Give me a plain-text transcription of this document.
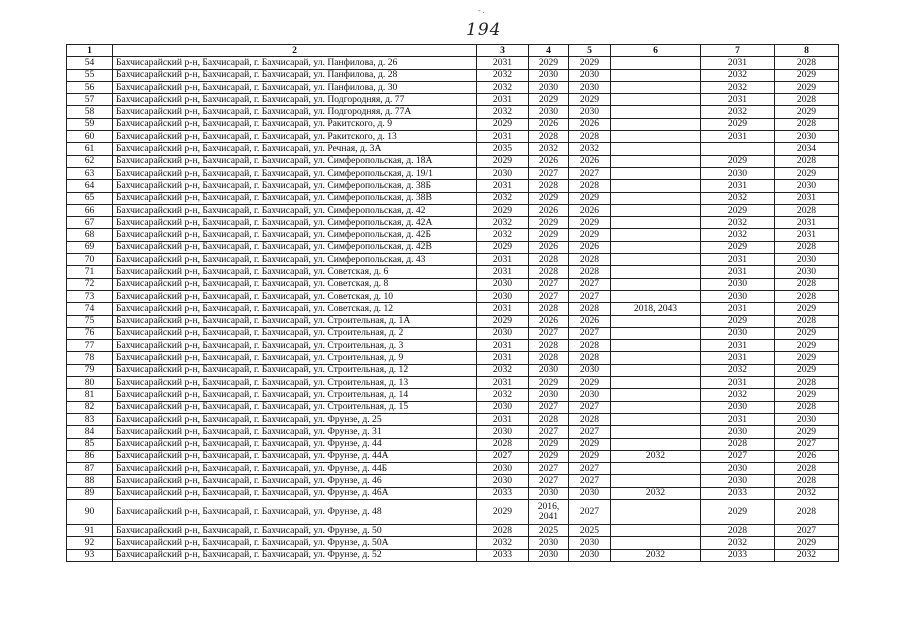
- .
194
1	2	3	4	5	6	7	8
54	Бахчисарайский р-н, Бахчисарай, г. Бахчисарай, ул. Панфилова, д. 26	2031	2029	2029		2031	2028
55	Бахчисарайский р-н, Бахчисарай, г. Бахчисарай, ул. Панфилова, д. 28	2032	2030	2030		2032	2029
56	Бахчисарайский р-н, Бахчисарай, г. Бахчисарай, ул. Панфилова, д. 30	2032	2030	2030		2032	2029
57	Бахчисарайский р-н, Бахчисарай, г. Бахчисарай, ул. Подгородняя, д. 77	2031	2029	2029		2031	2028
58	Бахчисарайский р-н, Бахчисарай, г. Бахчисарай, ул. Подгородняя, д. 77А	2032	2030	2030		2032	2029
59	Бахчисарайский р-н, Бахчисарай, г. Бахчисарай, ул. Ракитского, д. 9	2029	2026	2026		2029	2028
60	Бахчисарайский р-н, Бахчисарай, г. Бахчисарай, ул. Ракитского, д. 13	2031	2028	2028		2031	2030
61	Бахчисарайский р-н, Бахчисарай, г. Бахчисарай, ул. Речная, д. 3А	2035	2032	2032			2034
62	Бахчисарайский р-н, Бахчисарай, г. Бахчисарай, ул. Симферопольская, д. 18А	2029	2026	2026		2029	2028
63	Бахчисарайский р-н, Бахчисарай, г. Бахчисарай, ул. Симферопольская, д. 19/1	2030	2027	2027		2030	2029
64	Бахчисарайский р-н, Бахчисарай, г. Бахчисарай, ул. Симферопольская, д. 38Б	2031	2028	2028		2031	2030
65	Бахчисарайский р-н, Бахчисарай, г. Бахчисарай, ул. Симферопольская, д. 38В	2032	2029	2029		2032	2031
66	Бахчисарайский р-н, Бахчисарай, г. Бахчисарай, ул. Симферопольская, д. 42	2029	2026	2026		2029	2028
67	Бахчисарайский р-н, Бахчисарай, г. Бахчисарай, ул. Симферопольская, д. 42А	2032	2029	2029		2032	2031
68	Бахчисарайский р-н, Бахчисарай, г. Бахчисарай, ул. Симферопольская, д. 42Б	2032	2029	2029		2032	2031
69	Бахчисарайский р-н, Бахчисарай, г. Бахчисарай, ул. Симферопольская, д. 42В	2029	2026	2026		2029	2028
70	Бахчисарайский р-н, Бахчисарай, г. Бахчисарай, ул. Симферопольская, д. 43	2031	2028	2028		2031	2030
71	Бахчисарайский р-н, Бахчисарай, г. Бахчисарай, ул. Советская, д. 6	2031	2028	2028		2031	2030
72	Бахчисарайский р-н, Бахчисарай, г. Бахчисарай, ул. Советская, д. 8	2030	2027	2027		2030	2028
73	Бахчисарайский р-н, Бахчисарай, г. Бахчисарай, ул. Советская, д. 10	2030	2027	2027		2030	2028
74	Бахчисарайский р-н, Бахчисарай, г. Бахчисарай, ул. Советская, д. 12	2031	2028	2028	2018, 2043	2031	2029
75	Бахчисарайский р-н, Бахчисарай, г. Бахчисарай, ул. Строительная, д. 1А	2029	2026	2026		2029	2028
76	Бахчисарайский р-н, Бахчисарай, г. Бахчисарай, ул. Строительная, д. 2	2030	2027	2027		2030	2029
77	Бахчисарайский р-н, Бахчисарай, г. Бахчисарай, ул. Строительная, д. 3	2031	2028	2028		2031	2029
78	Бахчисарайский р-н, Бахчисарай, г. Бахчисарай, ул. Строительная, д. 9	2031	2028	2028		2031	2029
79	Бахчисарайский р-н, Бахчисарай, г. Бахчисарай, ул. Строительная, д. 12	2032	2030	2030		2032	2029
80	Бахчисарайский р-н, Бахчисарай, г. Бахчисарай, ул. Строительная, д. 13	2031	2029	2029		2031	2028
81	Бахчисарайский р-н, Бахчисарай, г. Бахчисарай, ул. Строительная, д. 14	2032	2030	2030		2032	2029
82	Бахчисарайский р-н, Бахчисарай, г. Бахчисарай, ул. Строительная, д. 15	2030	2027	2027		2030	2028
83	Бахчисарайский р-н, Бахчисарай, г. Бахчисарай, ул. Фрунзе, д. 25	2031	2028	2028		2031	2030
84	Бахчисарайский р-н, Бахчисарай, г. Бахчисарай, ул. Фрунзе, д. 31	2030	2027	2027		2030	2029
85	Бахчисарайский р-н, Бахчисарай, г. Бахчисарай, ул. Фрунзе, д. 44	2028	2029	2029		2028	2027
86	Бахчисарайский р-н, Бахчисарай, г. Бахчисарай, ул. Фрунзе, д. 44А	2027	2029	2029	2032	2027	2026
87	Бахчисарайский р-н, Бахчисарай, г. Бахчисарай, ул. Фрунзе, д. 44Б	2030	2027	2027		2030	2028
88	Бахчисарайский р-н, Бахчисарай, г. Бахчисарай, ул. Фрунзе, д. 46	2030	2027	2027		2030	2028
89	Бахчисарайский р-н, Бахчисарай, г. Бахчисарай, ул. Фрунзе, д. 46А	2033	2030	2030	2032	2033	2032
90	Бахчисарайский р-н, Бахчисарай, г. Бахчисарай, ул. Фрунзе, д. 48	2029	2016, 2041	2027		2029	2028
91	Бахчисарайский р-н, Бахчисарай, г. Бахчисарай, ул. Фрунзе, д. 50	2028	2025	2025		2028	2027
92	Бахчисарайский р-н, Бахчисарай, г. Бахчисарай, ул. Фрунзе, д. 50А	2032	2030	2030		2032	2029
93	Бахчисарайский р-н, Бахчисарай, г. Бахчисарай, ул. Фрунзе, д. 52	2033	2030	2030	2032	2033	2032
